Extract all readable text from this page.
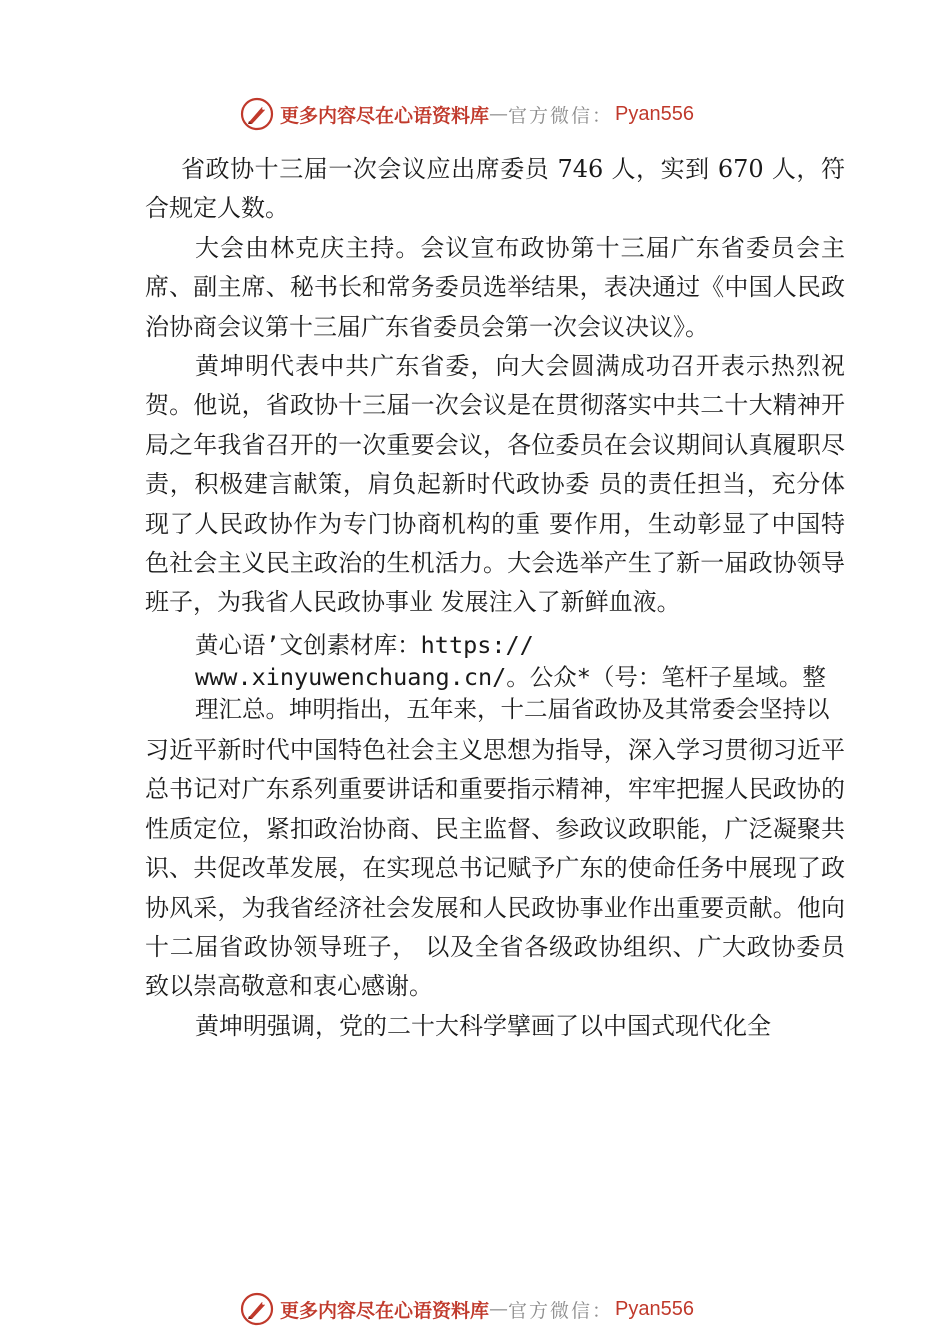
更多内容尽在心语资料库 — 官方微信： Pyan556

省政协十三届一次会议应出席委员 746 人，实到 670 人，符合规定人数。

大会由林克庆主持。会议宣布政协第十三届广东省委员会主席、副主席、秘书长和常务委员选举结果，表决通过《中国人民政治协商会议第十三届广东省委员会第一次会议决议》。

黄坤明代表中共广东省委，向大会圆满成功召开表示热烈祝贺。他说，省政协十三届一次会议是在贯彻落实中共二十大精神开局之年我省召开的一次重要会议，各位委员在会议期间认真履职尽责，积极建言献策，肩负起新时代政协委 员的责任担当，充分体现了人民政协作为专门协商机构的重 要作用，生动彰显了中国特色社会主义民主政治的生机活力。大会选举产生了新一届政协领导班子，为我省人民政协事业 发展注入了新鲜血液。

黄心语’文创素材库：https:// www.xinyuwenchuang.cn/。公众*（号：笔杆子星域。整理汇总。坤明指出，五年来，十二届省政协及其常委会坚持以

习近平新时代中国特色社会主义思想为指导，深入学习贯彻习近平总书记对广东系列重要讲话和重要指示精神，牢牢把握人民政协的性质定位，紧扣政治协商、民主监督、参政议政职能，广泛凝聚共识、共促改革发展，在实现总书记赋予广东的使命任务中展现了政协风采，为我省经济社会发展和人民政协事业作出重要贡献。他向十二届省政协领导班子， 以及全省各级政协组织、广大政协委员致以崇高敬意和衷心感谢。

黄坤明强调，党的二十大科学擘画了以中国式现代化全

更多内容尽在心语资料库 — 官方微信： Pyan556
